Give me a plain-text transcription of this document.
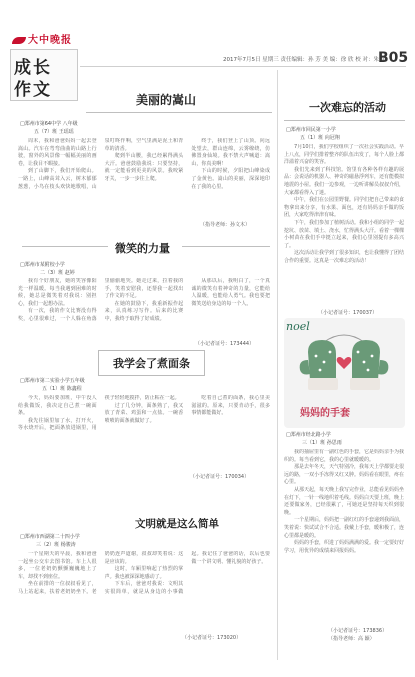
大中晚报
成长
作文
2017年7月5日 星期三 责任编辑：孙 芳 美 编：徐 欣 校 对：朱 荣
B05
美丽的嵩山
□郑州市第64中学 八年级
五（7）班 王瑶瑶

周末，我和爸爸妈妈一起去登嵩山。汽车在弯弯曲曲的山路上行驶，窗外的风景像一幅幅美丽的画卷，让我目不暇接。

到了山脚下，我们开始爬山。一路上，山峰高耸入云，树木郁郁葱葱，小鸟在枝头欢快地歌唱，山泉叮咚作响，空气里满是泥土和青草的清香。

爬到半山腰，我已经累得满头大汗。爸爸鼓励我说：只要坚持，就一定能看到更美的风景。我咬紧牙关，一步一步往上爬。

终于，我们登上了山顶。向远处望去，群山连绵，云雾缭绕，仿佛置身仙境。我不禁大声喊道：嵩山，你真美啊！

下山的时候，夕阳把山峰染成了金黄色。嵩山的美丽，深深地印在了我的心里。

（指导老师：孙文木）
微笑的力量
□郑州市某附校小学
二（3）班 赵婷

我有个好朋友，她的笑容像阳光一样温暖。每当我遇到困难的时候，她总是微笑着对我说：别担心，我们一起想办法。

有一次，我的作文比赛没有得奖，心里很难过，一个人躲在角落里偷偷地哭。她走过来，拉着我的手，笑着安慰我，还帮我一起找出了作文的不足。

在她的鼓励下，我重新振作起来，认真练习写作。后来的比赛中，我终于取得了好成绩。

从那以后，我明白了，一个真诚的微笑有着神奇的力量，它能给人温暖，也能给人勇气。我也要把微笑送给身边的每一个人。

（小记者证号：173444）
我学会了煮面条
□郑州市第二实验小学五年级
五（1）班 陈鑫程

今天，妈妈要加班，中午没人给我做饭，我决定自己煮一碗面条。

我先往锅里加了水，打开火，等水烧开后，把面条放进锅里，用筷子轻轻地搅拌，防止粘在一起。

过了几分钟，面条熟了，我又放了青菜、鸡蛋和一点盐。一碗香喷喷的面条就做好了。

吃着自己煮的面条，我心里美滋滋的。原来，只要肯动手，很多事情都能做好。

（小记者证号：170034）
文明就是这么简单
□郑州市西湖第二十四小学
三（2）班 杨骏涛

一个星期天的早晨，我和爸爸一起坐公交车去图书馆。车上人很多，一位老奶奶颤颤巍巍地上了车，却找不到座位。

坐在前排的一位叔叔看见了，马上站起来，扶着老奶奶坐下。老奶奶连声道谢，叔叔却笑着说：这是应该的。

这时，车厢里响起了热烈的掌声。我也被深深地感动了。

下车后，爸爸对我说：文明其实很简单，就是从身边的小事做起。我记住了爸爸的话，以后也要做一个讲文明、懂礼貌的好孩子。

（小记者证号：173020）
一次难忘的活动
□郑州市回民第一小学
五（1）班 向冠翔

7月10日，我们学校组织了一次社会实践活动。早上八点，同学们排着整齐的队伍出发了，每个人脸上都洋溢着兴奋的笑容。

我们先来到了科技馆。馆里有各种各样有趣的展品：会说话的机器人、神奇的磁悬浮列车，还有能模拟地震的小屋。我们一边参观，一边听讲解员叔叔介绍，大家都看得入了迷。

中午，我们在公园里野餐。同学们把自己带来的食物拿出来分享，有水果、面包，还有妈妈亲手做的饭团，大家吃得津津有味。

下午，我们参加了植树活动。我和小组的同学一起挖坑、放苗、填土、浇水，忙得满头大汗。看着一棵棵小树苗在我们手中挺立起来，我们心里别提有多高兴了。

这次活动让我学到了很多知识，也让我懂得了团结合作的重要。这真是一次难忘的活动！

（小记者证号：170037）
noel
妈妈的手套
□郑州市经北路小学
三（1）班 孙思雨

我的抽屉里有一副红色的手套，它是妈妈亲手为我织的。每当看到它，我的心里就暖暖的。

那是去年冬天，天气特别冷，我每天上学都要走很远的路，一双小手冻得又红又肿。妈妈看在眼里，疼在心里。

从那天起，每天晚上我写完作业，总能看见妈妈坐在灯下，一针一线地织着毛线。妈妈白天要上班，晚上还要做家务，已经很累了，可她还是坚持每天织到很晚。

一个星期后，妈妈把一副红红的手套递到我面前，笑着说：快试试合不合适。我戴上手套，暖和极了，连心里都是暖的。

妈妈的手套，织进了妈妈满满的爱。我一定要好好学习，用优异的成绩来回报妈妈。

（小记者证号：173836）
（指导老师：高 颖）
